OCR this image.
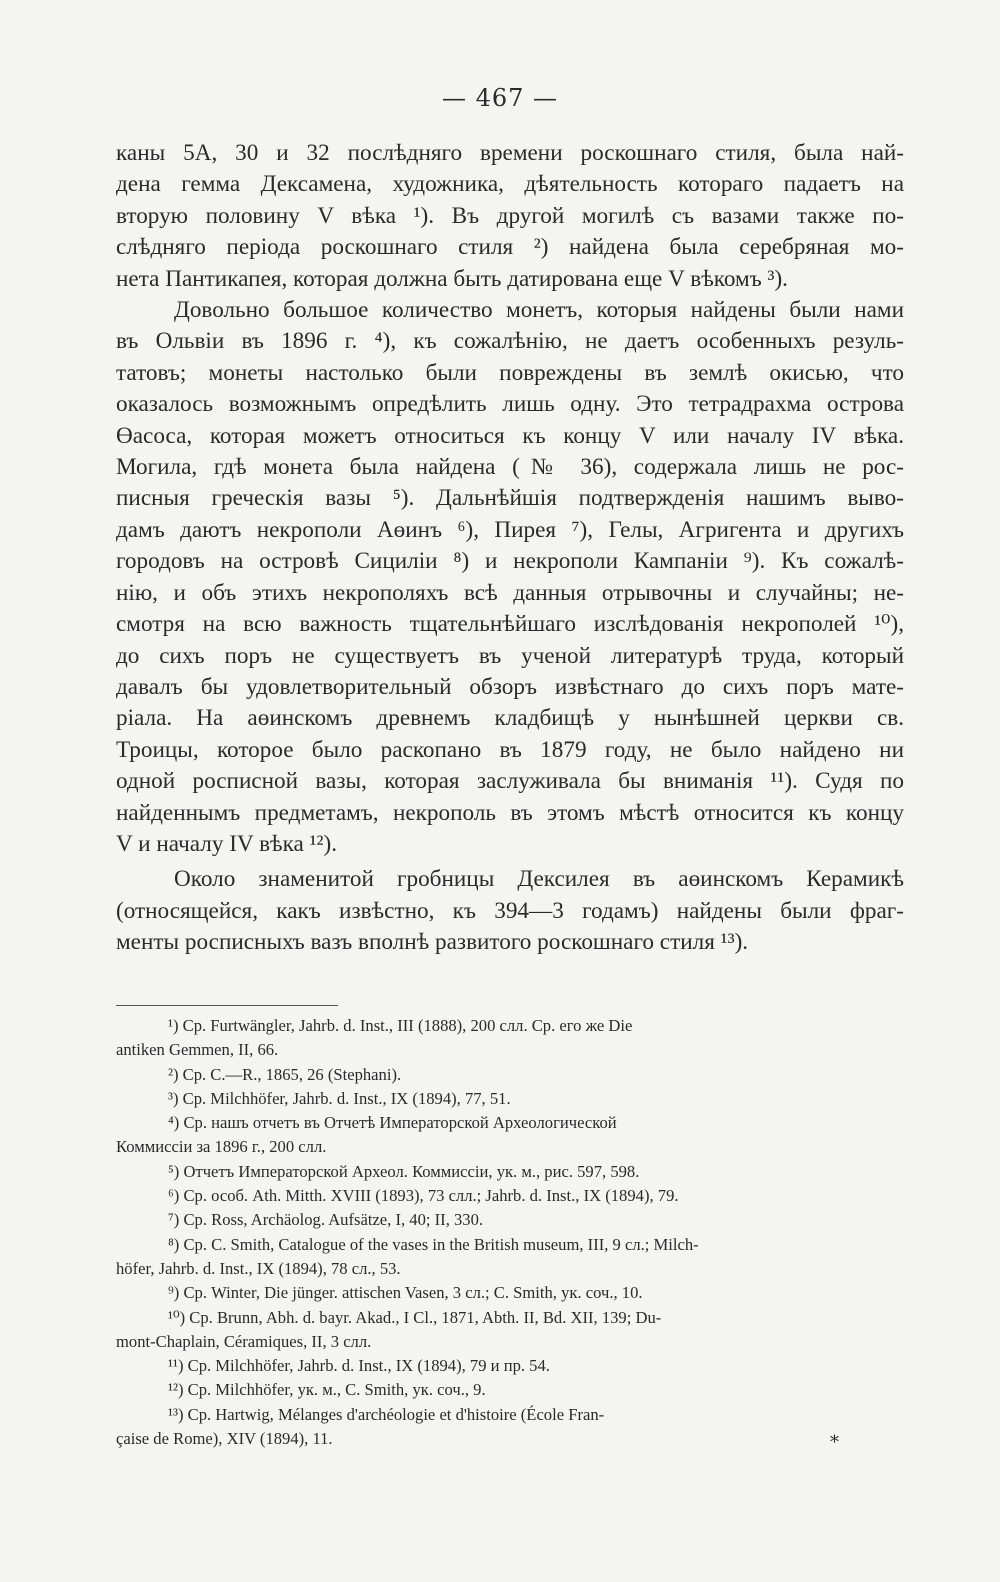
— 467 —

каны 5А, 30 и 32 послѣдняго времени роскошнаго стиля, была най-
дена гемма Дексамена, художника, дѣятельность котораго падаетъ на
вторую половину V вѣка ¹). Въ другой могилѣ съ вазами также по-
слѣдняго періода роскошнаго стиля ²) найдена была серебряная мо-
нета Пантикапея, которая должна быть датирована еще V вѣкомъ ³).

Довольно большое количество монетъ, которыя найдены были нами
въ Ольвіи въ 1896 г. ⁴), къ сожалѣнію, не даетъ особенныхъ резуль-
татовъ; монеты настолько были повреждены въ землѣ окисью, что
оказалось возможнымъ опредѣлить лишь одну. Это тетрадрахма острова
Өасоса, которая можетъ относиться къ концу V или началу IV вѣка.
Могила, гдѣ монета была найдена (№ 36), содержала лишь не рос-
писныя греческія вазы ⁵). Дальнѣйшія подтвержденія нашимъ выво-
дамъ даютъ некрополи Аөинъ ⁶), Пирея ⁷), Гелы, Агригента и другихъ
городовъ на островѣ Сициліи ⁸) и некрополи Кампаніи ⁹). Къ сожалѣ-
нію, и объ этихъ некрополяхъ всѣ данныя отрывочны и случайны; не-
смотря на всю важность тщательнѣйшаго изслѣдованія некрополей ¹⁰),
до сихъ поръ не существуетъ въ ученой литературѣ труда, который
давалъ бы удовлетворительный обзоръ извѣстнаго до сихъ поръ мате-
ріала. На аөинскомъ древнемъ кладбищѣ у нынѣшней церкви св.
Троицы, которое было раскопано въ 1879 году, не было найдено ни
одной росписной вазы, которая заслуживала бы вниманія ¹¹). Судя по
найденнымъ предметамъ, некрополь въ этомъ мѣстѣ относится къ концу
V и началу IV вѣка ¹²).

Около знаменитой гробницы Дексилея въ аөинскомъ Керамикѣ
(относящейся, какъ извѣстно, къ 394—3 годамъ) найдены были фраг-
менты росписныхъ вазъ вполнѣ развитого роскошнаго стиля ¹³).

¹) Ср. Furtwängler, Jahrb. d. Inst., III (1888), 200 слл. Ср. его же Die
antiken Gemmen, II, 66.
²) Ср. C.—R., 1865, 26 (Stephani).
³) Ср. Milchhöfer, Jahrb. d. Inst., IX (1894), 77, 51.
⁴) Ср. нашъ отчетъ въ Отчетѣ Императорской Археологической
Коммиссіи за 1896 г., 200 слл.
⁵) Отчетъ Императорской Археол. Коммиссіи, ук. м., рис. 597, 598.
⁶) Ср. особ. Ath. Mitth. XVIII (1893), 73 слл.; Jahrb. d. Inst., IX (1894), 79.
⁷) Ср. Ross, Archäolog. Aufsätze, I, 40; II, 330.
⁸) Ср. C. Smith, Catalogue of the vases in the British museum, III, 9 сл.; Milch-
höfer, Jahrb. d. Inst., IX (1894), 78 сл., 53.
⁹) Ср. Winter, Die jünger. attischen Vasen, 3 сл.; C. Smith, ук. соч., 10.
¹⁰) Ср. Brunn, Abh. d. bayr. Akad., I Cl., 1871, Abth. II, Bd. XII, 139; Du-
mont-Chaplain, Céramiques, II, 3 слл.
¹¹) Ср. Milchhöfer, Jahrb. d. Inst., IX (1894), 79 и пр. 54.
¹²) Ср. Milchhöfer, ук. м., C. Smith, ук. соч., 9.
¹³) Ср. Hartwig, Mélanges d'archéologie et d'histoire (École Fran-
çaise de Rome), XIV (1894), 11.	*
